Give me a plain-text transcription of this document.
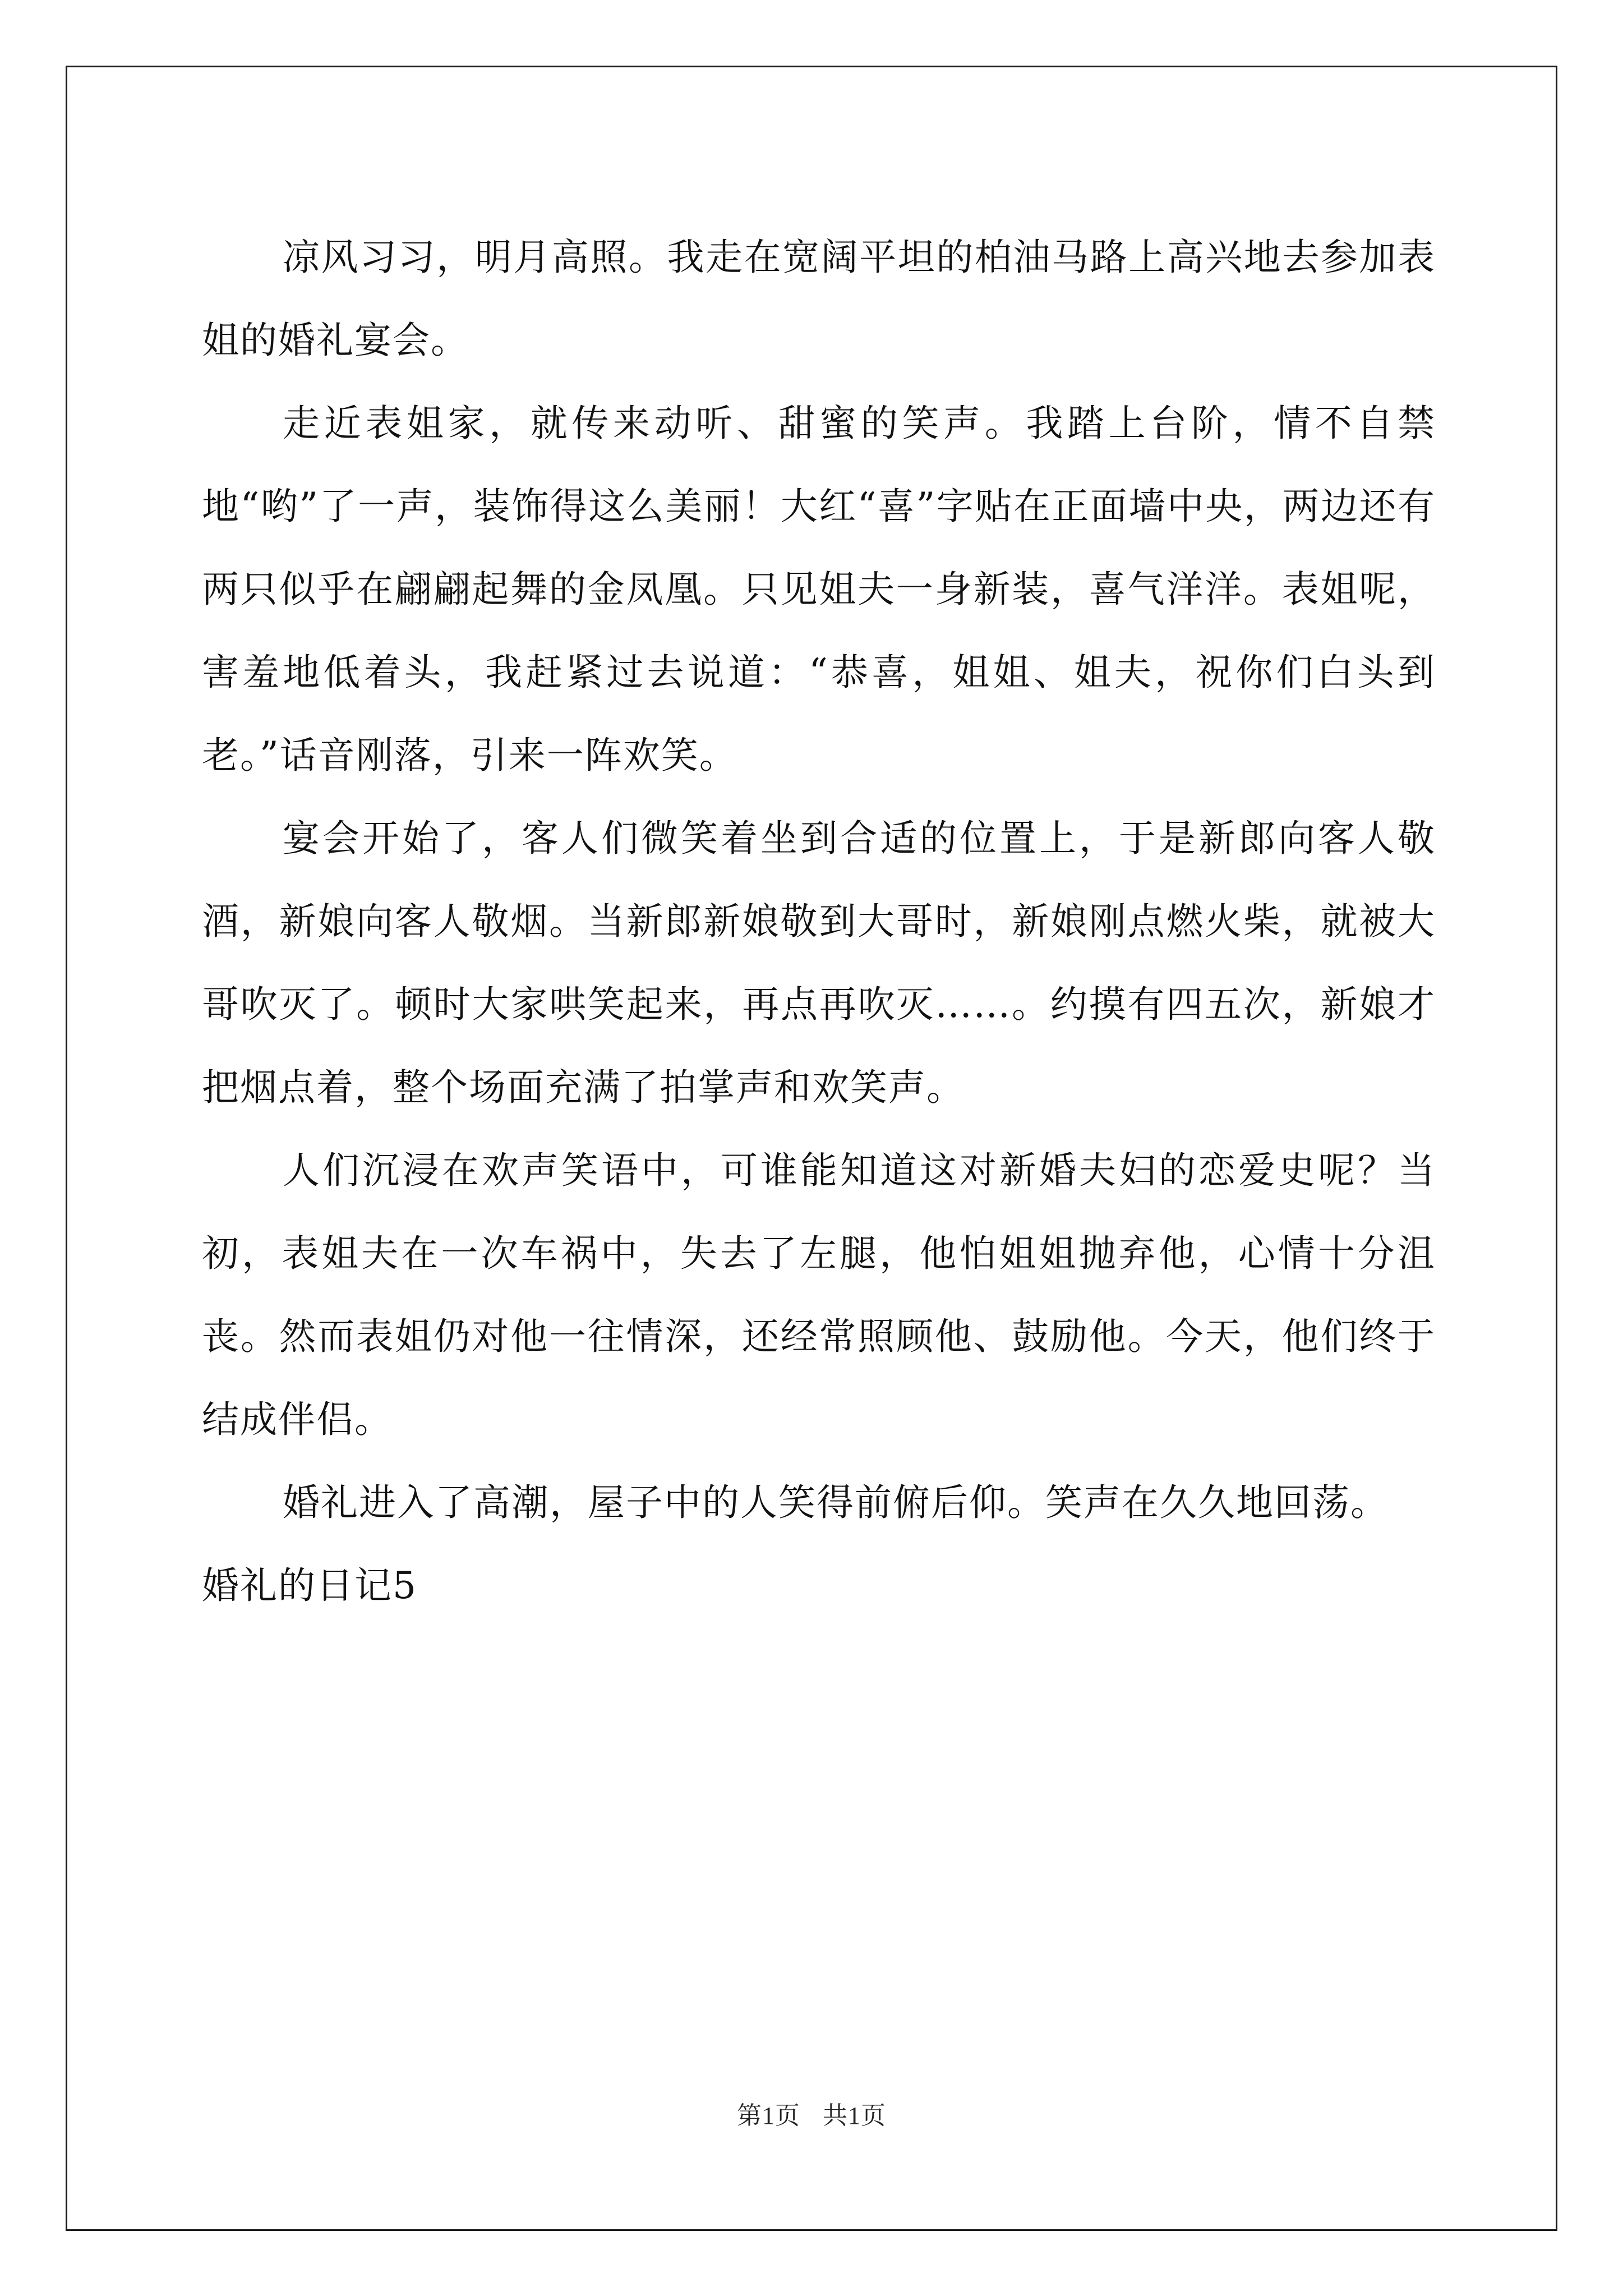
凉风习习，明月高照。我走在宽阔平坦的柏油马路上高兴地去参加表姐的婚礼宴会。

走近表姐家，就传来动听、甜蜜的笑声。我踏上台阶，情不自禁地“哟”了一声，装饰得这么美丽！大红“喜”字贴在正面墙中央，两边还有两只似乎在翩翩起舞的金凤凰。只见姐夫一身新装，喜气洋洋。表姐呢，害羞地低着头，我赶紧过去说道：“恭喜，姐姐、姐夫，祝你们白头到老。”话音刚落，引来一阵欢笑。

宴会开始了，客人们微笑着坐到合适的位置上，于是新郎向客人敬酒，新娘向客人敬烟。当新郎新娘敬到大哥时，新娘刚点燃火柴，就被大哥吹灭了。顿时大家哄笑起来，再点再吹灭……。约摸有四五次，新娘才把烟点着，整个场面充满了拍掌声和欢笑声。

人们沉浸在欢声笑语中，可谁能知道这对新婚夫妇的恋爱史呢？当初，表姐夫在一次车祸中，失去了左腿，他怕姐姐抛弃他，心情十分沮丧。然而表姐仍对他一往情深，还经常照顾他、鼓励他。今天，他们终于结成伴侣。

婚礼进入了高潮，屋子中的人笑得前俯后仰。笑声在久久地回荡。

婚礼的日记5

第1页 共1页
